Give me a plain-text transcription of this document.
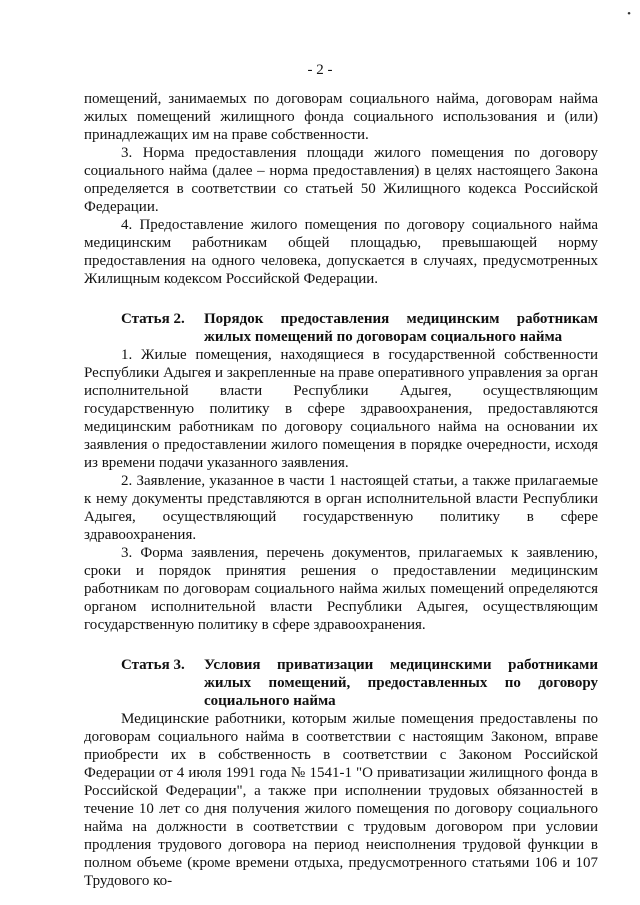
•
- 2 -

помещений, занимаемых по договорам социального найма, договорам найма жилых помещений жилищного фонда социального использования и (или) принадлежащих им на праве собственности.

3. Норма предоставления площади жилого помещения по договору социального найма (далее – норма предоставления) в целях настоящего Закона определяется в соответствии со статьей 50 Жилищного кодекса Российской Федерации.

4. Предоставление жилого помещения по договору социального найма медицинским работникам общей площадью, превышающей норму предоставления на одного человека, допускается в случаях, предусмотренных Жилищным кодексом Российской Федерации.

Статья 2.	Порядок предоставления медицинским работникам жилых помещений по договорам социального найма

1. Жилые помещения, находящиеся в государственной собственности Республики Адыгея и закрепленные на праве оперативного управления за орган исполнительной власти Республики Адыгея, осуществляющим государственную политику в сфере здравоохранения, предоставляются медицинским работникам по договору социального найма на основании их заявления о предоставлении жилого помещения в порядке очередности, исходя из времени подачи указанного заявления.

2. Заявление, указанное в части 1 настоящей статьи, а также прилагаемые к нему документы представляются в орган исполнительной власти Республики Адыгея, осуществляющий государственную политику в сфере здравоохранения.

3. Форма заявления, перечень документов, прилагаемых к заявлению, сроки и порядок принятия решения о предоставлении медицинским работникам по договорам социального найма жилых помещений определяются органом исполнительной власти Республики Адыгея, осуществляющим государственную политику в сфере здравоохранения.

Статья 3.	Условия приватизации медицинскими работниками жилых помещений, предоставленных по договору социального найма

Медицинские работники, которым жилые помещения предоставлены по договорам социального найма в соответствии с настоящим Законом, вправе приобрести их в собственность в соответствии с Законом Российской Федерации от 4 июля 1991 года № 1541-1 "О приватизации жилищного фонда в Российской Федерации", а также при исполнении трудовых обязанностей в течение 10 лет со дня получения жилого помещения по договору социального найма на должности в соответствии с трудовым договором при условии продления трудового договора на период неисполнения трудовой функции в полном объеме (кроме времени отдыха, предусмотренного статьями 106 и 107 Трудового ко-
